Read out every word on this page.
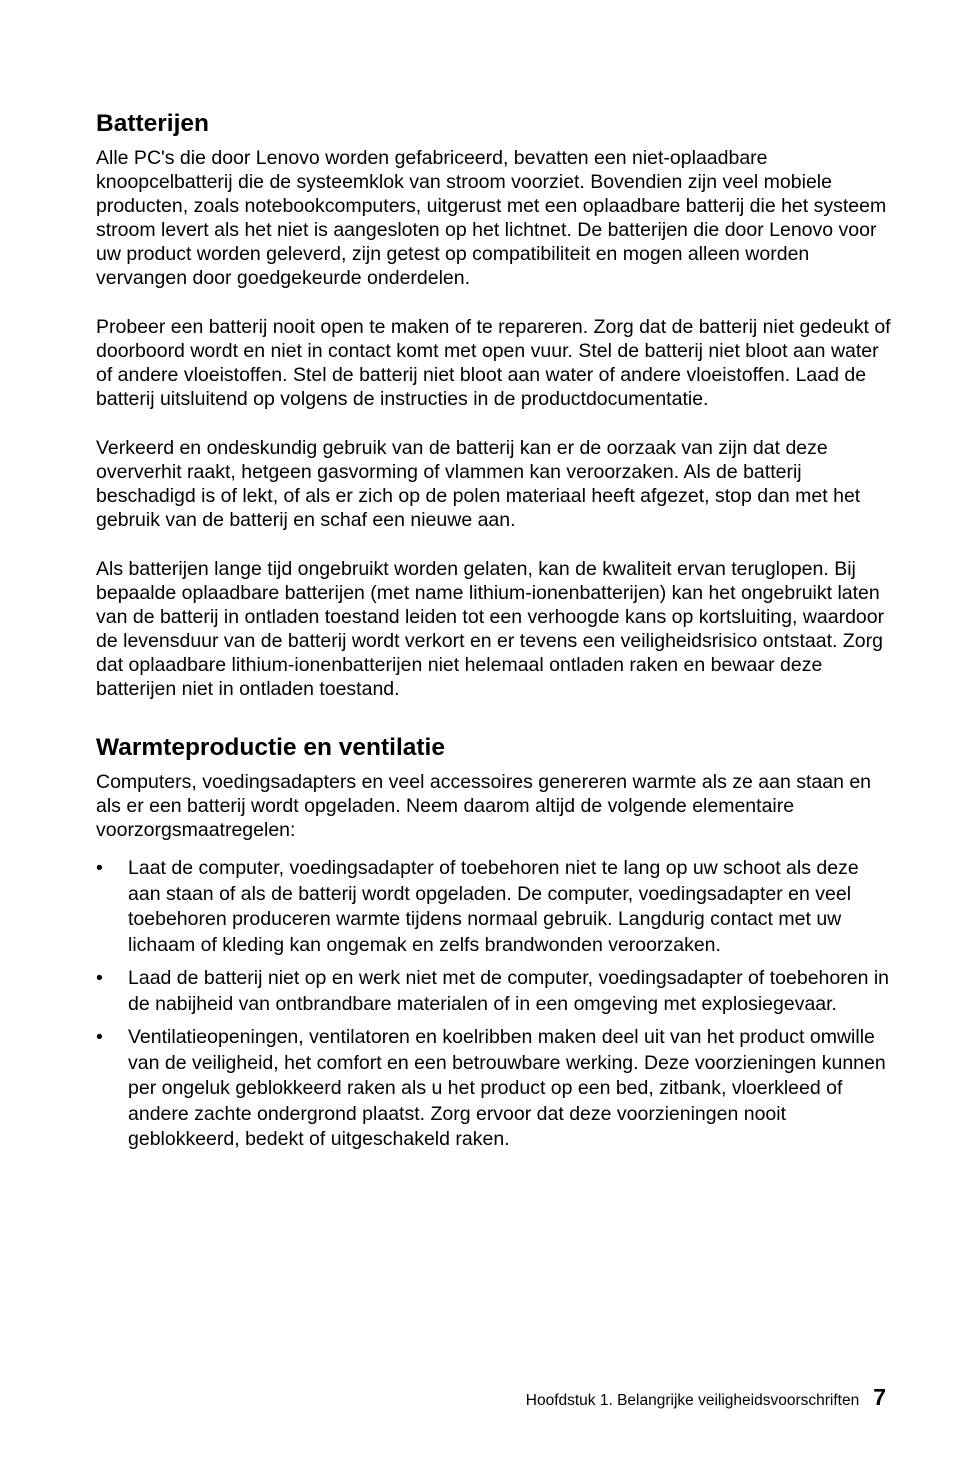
Batterijen

Alle PC's die door Lenovo worden gefabriceerd, bevatten een niet-oplaadbare knoopcelbatterij die de systeemklok van stroom voorziet. Bovendien zijn veel mobiele producten, zoals notebookcomputers, uitgerust met een oplaadbare batterij die het systeem stroom levert als het niet is aangesloten op het lichtnet. De batterijen die door Lenovo voor uw product worden geleverd, zijn getest op compatibiliteit en mogen alleen worden vervangen door goedgekeurde onderdelen.

Probeer een batterij nooit open te maken of te repareren. Zorg dat de batterij niet gedeukt of doorboord wordt en niet in contact komt met open vuur. Stel de batterij niet bloot aan water of andere vloeistoffen. Stel de batterij niet bloot aan water of andere vloeistoffen. Laad de batterij uitsluitend op volgens de instructies in de productdocumentatie.

Verkeerd en ondeskundig gebruik van de batterij kan er de oorzaak van zijn dat deze oververhit raakt, hetgeen gasvorming of vlammen kan veroorzaken. Als de batterij beschadigd is of lekt, of als er zich op de polen materiaal heeft afgezet, stop dan met het gebruik van de batterij en schaf een nieuwe aan.

Als batterijen lange tijd ongebruikt worden gelaten, kan de kwaliteit ervan teruglopen. Bij bepaalde oplaadbare batterijen (met name lithium-ionenbatterijen) kan het ongebruikt laten van de batterij in ontladen toestand leiden tot een verhoogde kans op kortsluiting, waardoor de levensduur van de batterij wordt verkort en er tevens een veiligheidsrisico ontstaat. Zorg dat oplaadbare lithium-ionenbatterijen niet helemaal ontladen raken en bewaar deze batterijen niet in ontladen toestand.

Warmteproductie en ventilatie

Computers, voedingsadapters en veel accessoires genereren warmte als ze aan staan en als er een batterij wordt opgeladen. Neem daarom altijd de volgende elementaire voorzorgsmaatregelen:

• Laat de computer, voedingsadapter of toebehoren niet te lang op uw schoot als deze aan staan of als de batterij wordt opgeladen. De computer, voedingsadapter en veel toebehoren produceren warmte tijdens normaal gebruik. Langdurig contact met uw lichaam of kleding kan ongemak en zelfs brandwonden veroorzaken.
• Laad de batterij niet op en werk niet met de computer, voedingsadapter of toebehoren in de nabijheid van ontbrandbare materialen of in een omgeving met explosiegevaar.
• Ventilatieopeningen, ventilatoren en koelribben maken deel uit van het product omwille van de veiligheid, het comfort en een betrouwbare werking. Deze voorzieningen kunnen per ongeluk geblokkeerd raken als u het product op een bed, zitbank, vloerkleed of andere zachte ondergrond plaatst. Zorg ervoor dat deze voorzieningen nooit geblokkeerd, bedekt of uitgeschakeld raken.
Hoofdstuk 1. Belangrijke veiligheidsvoorschriften 7
